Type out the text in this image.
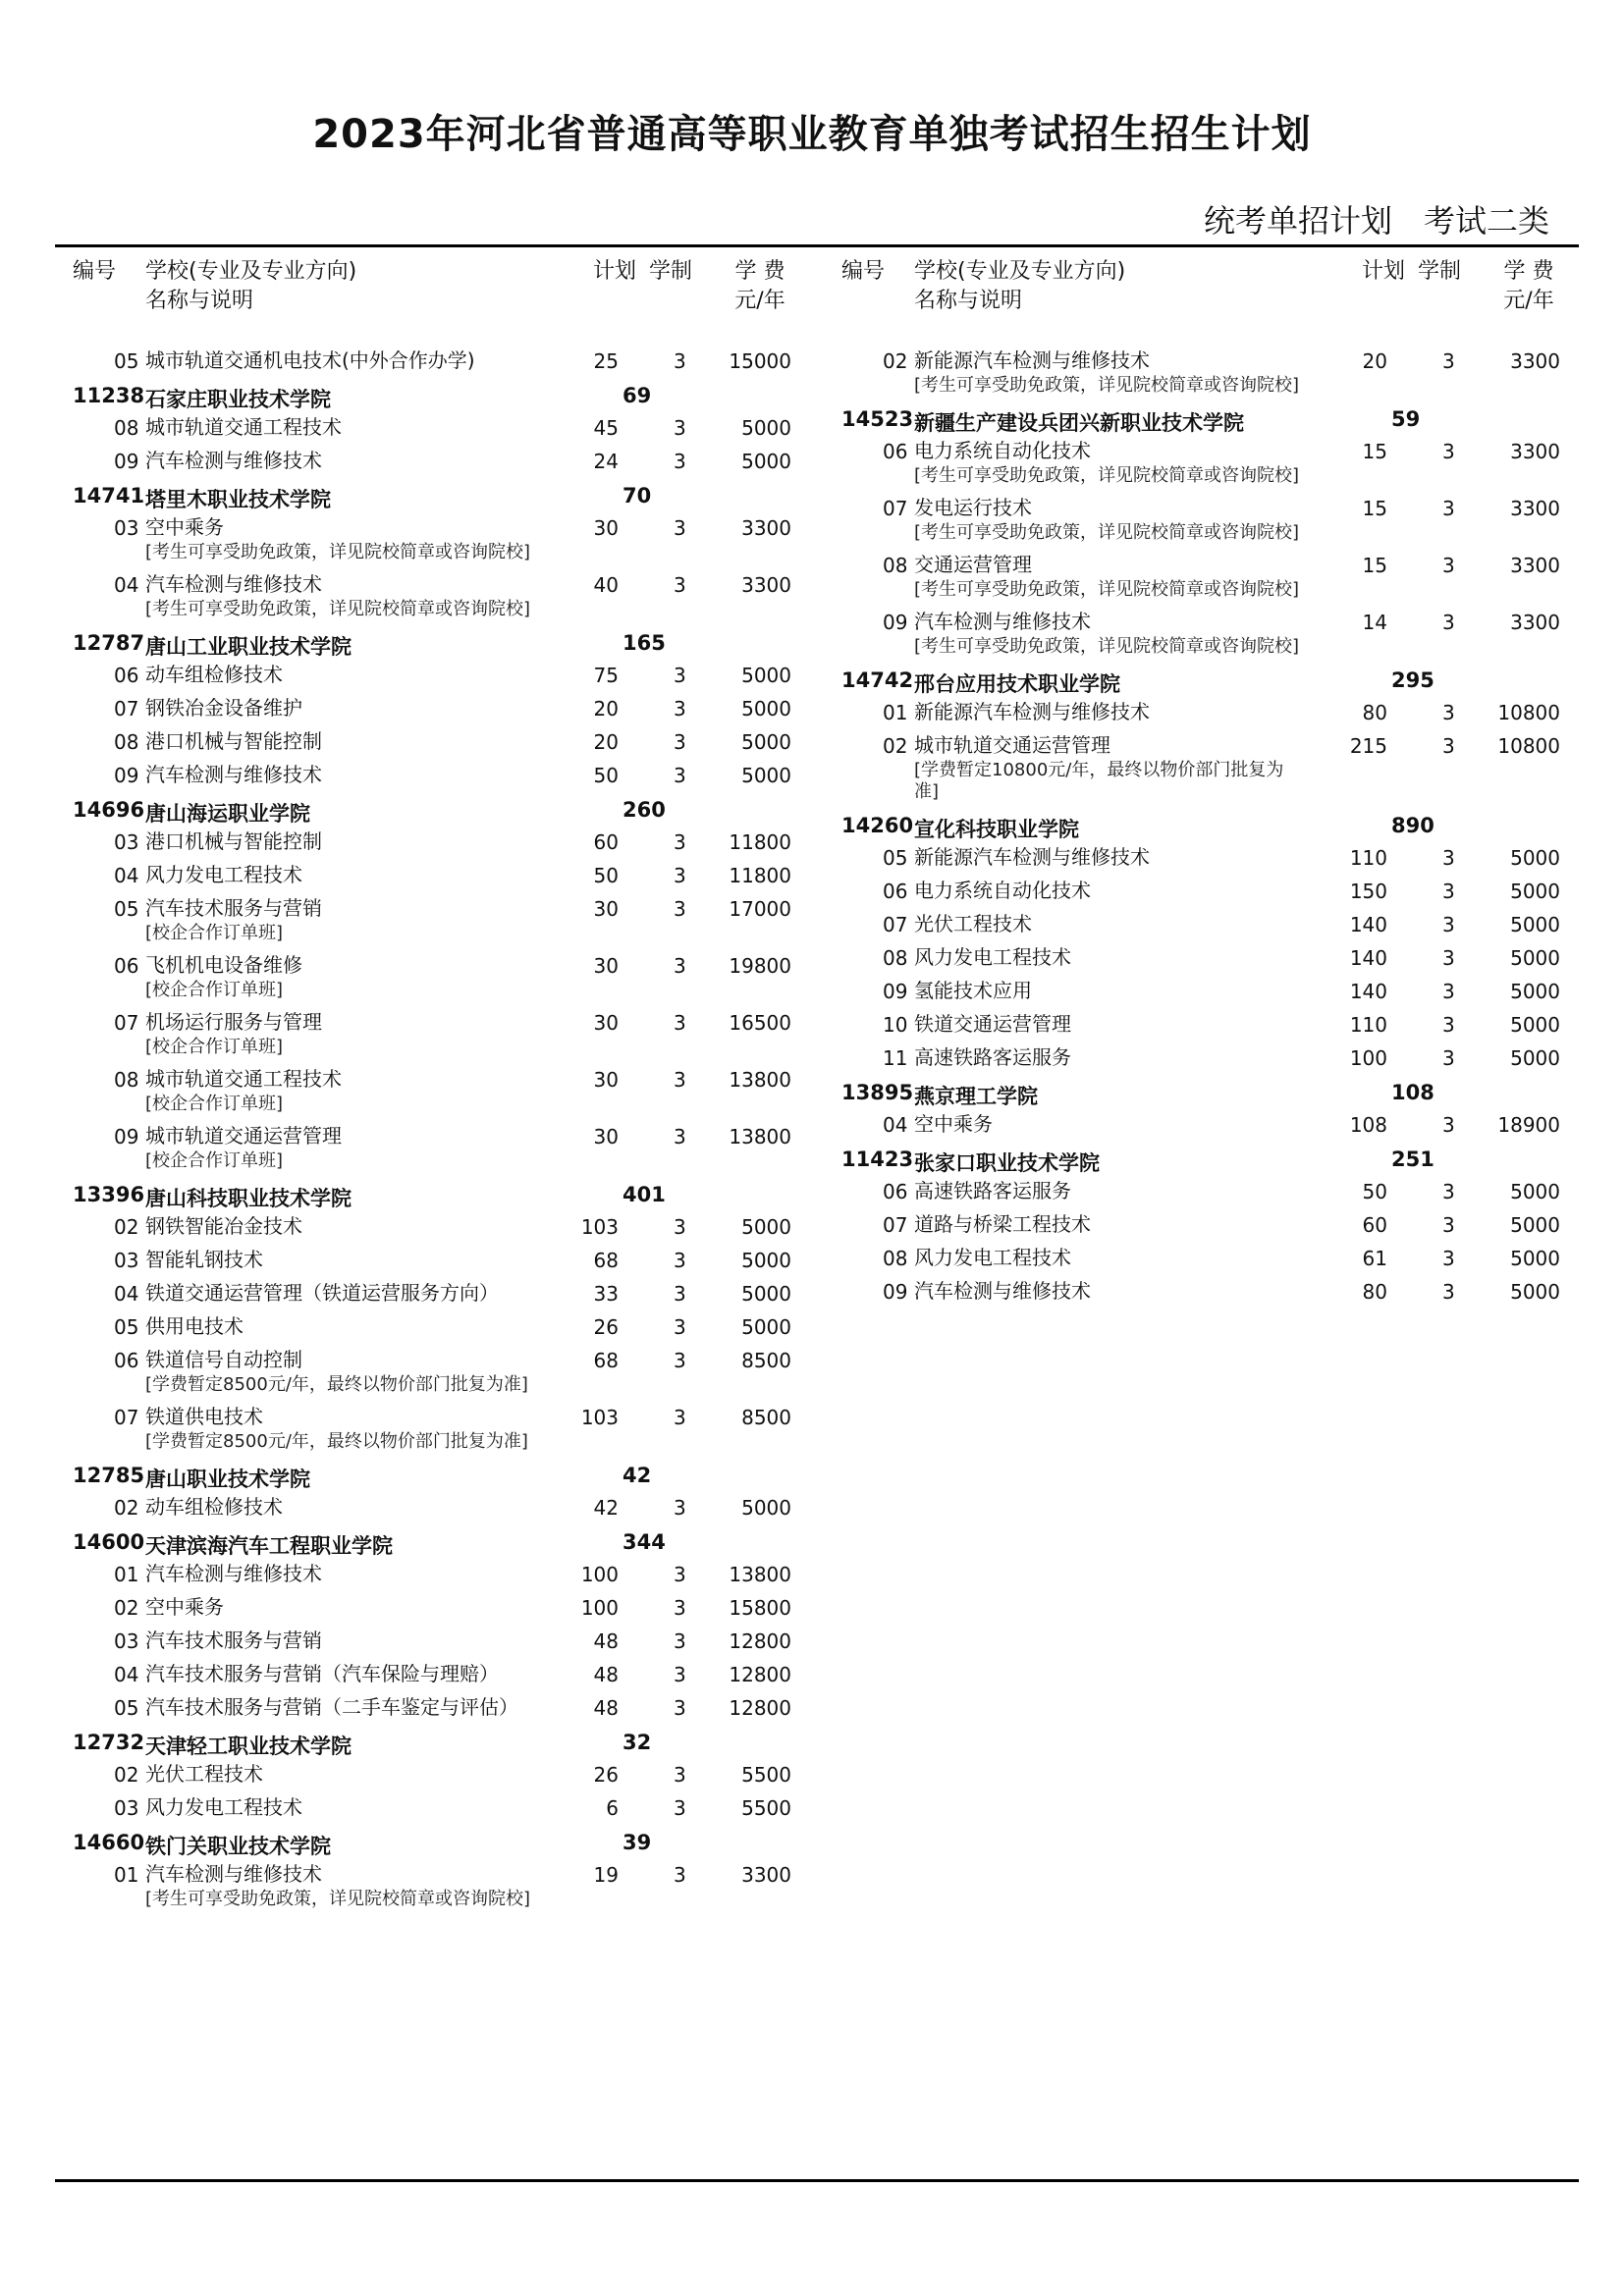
2023年河北省普通高等职业教育单独考试招生招生计划
统考单招计划　考试二类
编号 学校(专业及专业方向)
名称与说明
计划 学制	学 费
元/年
05 城市轨道交通机电技术(中外合作办学)	25	3	15000
11238 石家庄职业技术学院	69
08 城市轨道交通工程技术	45	3	5000
09 汽车检测与维修技术	24	3	5000
14741 塔里木职业技术学院	70
03 空中乘务	30	3	3300
[考生可享受助免政策，详见院校简章或咨询院校]
04 汽车检测与维修技术	40	3	3300
[考生可享受助免政策，详见院校简章或咨询院校]
12787 唐山工业职业技术学院	165
06 动车组检修技术	75	3	5000
07 钢铁冶金设备维护	20	3	5000
08 港口机械与智能控制	20	3	5000
09 汽车检测与维修技术	50	3	5000
14696 唐山海运职业学院	260
03 港口机械与智能控制	60	3	11800
04 风力发电工程技术	50	3	11800
05 汽车技术服务与营销	30	3	17000
[校企合作订单班]
06 飞机机电设备维修	30	3	19800
[校企合作订单班]
07 机场运行服务与管理	30	3	16500
[校企合作订单班]
08 城市轨道交通工程技术	30	3	13800
[校企合作订单班]
09 城市轨道交通运营管理	30	3	13800
[校企合作订单班]
13396 唐山科技职业技术学院	401
02 钢铁智能冶金技术	103	3	5000
03 智能轧钢技术	68	3	5000
04 铁道交通运营管理（铁道运营服务方向）	33	3	5000
05 供用电技术	26	3	5000
06 铁道信号自动控制	68	3	8500
[学费暂定8500元/年，最终以物价部门批复为准]
07 铁道供电技术	103	3	8500
[学费暂定8500元/年，最终以物价部门批复为准]
12785 唐山职业技术学院	42
02 动车组检修技术	42	3	5000
14600 天津滨海汽车工程职业学院	344
01 汽车检测与维修技术	100	3	13800
02 空中乘务	100	3	15800
03 汽车技术服务与营销	48	3	12800
04 汽车技术服务与营销（汽车保险与理赔）	48	3	12800
05 汽车技术服务与营销（二手车鉴定与评估）	48	3	12800
12732 天津轻工职业技术学院	32
02 光伏工程技术	26	3	5500
03 风力发电工程技术	6	3	5500
14660 铁门关职业技术学院	39
01 汽车检测与维修技术	19	3	3300
[考生可享受助免政策，详见院校简章或咨询院校]
编号 学校(专业及专业方向)
名称与说明
计划 学制	学 费
元/年
02 新能源汽车检测与维修技术	20	3	3300
[考生可享受助免政策，详见院校简章或咨询院校]
14523 新疆生产建设兵团兴新职业技术学院	59
06 电力系统自动化技术	15	3	3300
[考生可享受助免政策，详见院校简章或咨询院校]
07 发电运行技术	15	3	3300
[考生可享受助免政策，详见院校简章或咨询院校]
08 交通运营管理	15	3	3300
[考生可享受助免政策，详见院校简章或咨询院校]
09 汽车检测与维修技术	14	3	3300
[考生可享受助免政策，详见院校简章或咨询院校]
14742 邢台应用技术职业学院	295
01 新能源汽车检测与维修技术	80	3	10800
02 城市轨道交通运营管理	215	3	10800
[学费暂定10800元/年，最终以物价部门批复为准]
14260 宣化科技职业学院	890
05 新能源汽车检测与维修技术	110	3	5000
06 电力系统自动化技术	150	3	5000
07 光伏工程技术	140	3	5000
08 风力发电工程技术	140	3	5000
09 氢能技术应用	140	3	5000
10 铁道交通运营管理	110	3	5000
11 高速铁路客运服务	100	3	5000
13895 燕京理工学院	108
04 空中乘务	108	3	18900
11423 张家口职业技术学院	251
06 高速铁路客运服务	50	3	5000
07 道路与桥梁工程技术	60	3	5000
08 风力发电工程技术	61	3	5000
09 汽车检测与维修技术	80	3	5000
